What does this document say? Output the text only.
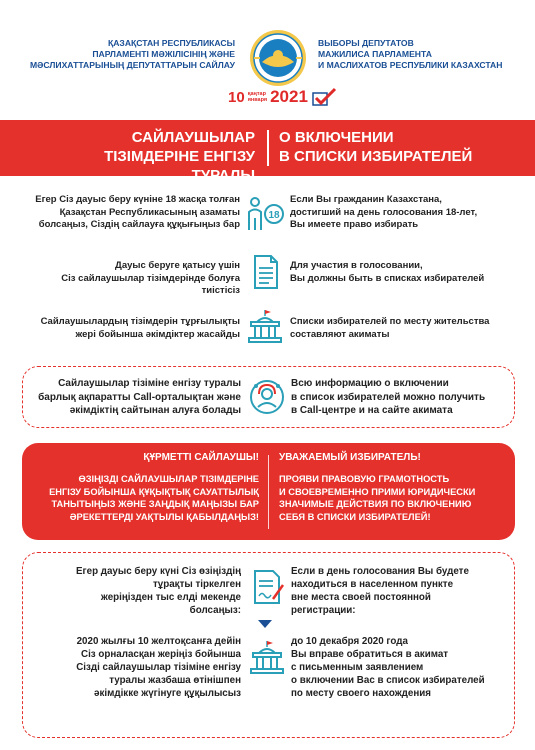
ҚАЗАҚСТАН РЕСПУБЛИКАСЫ
ПАРЛАМЕНТІ МӘЖІЛІСІНІҢ ЖӘНЕ
МӘСЛИХАТТАРЫНЫҢ ДЕПУТАТТАРЫН САЙЛАУ
ВЫБОРЫ ДЕПУТАТОВ
МАЖИЛИСА ПАРЛАМЕНТА
И МАСЛИХАТОВ РЕСПУБЛИКИ КАЗАХСТАН
10 қаңтар
января 2021
САЙЛАУШЫЛАР
ТІЗІМДЕРІНЕ ЕНГІЗУ ТУРАЛЫ
О ВКЛЮЧЕНИИ
В СПИСКИ ИЗБИРАТЕЛЕЙ
Егер Сіз дауыс беру күніне 18 жасқа толған
Қазақстан Республикасының азаматы
болсаңыз, Сіздің сайлауға құқығыңыз бар
18
Если Вы гражданин Казахстана,
достигший на день голосования 18-лет,
Вы имеете право избирать
Дауыс беруге қатысу үшін
Сіз сайлаушылар тізімдерінде болуға тиістісіз
Для участия в голосовании,
Вы должны быть в списках избирателей
Сайлаушылардың тізімдерін тұрғылықты
жері бойынша әкімдіктер жасайды
Списки избирателей по месту жительства
составляют акиматы
Сайлаушылар тізіміне енгізу туралы
барлық ақпаратты Call-орталықтан және
әкімдіктің сайтынан алуға болады
Всю информацию о включении
в список избирателей можно получить
в Call-центре и на сайте акимата
ҚҰРМЕТТІ САЙЛАУШЫ! УВАЖАЕМЫЙ ИЗБИРАТЕЛЬ!
ӨЗІҢІЗДІ САЙЛАУШЫЛАР ТІЗІМДЕРІНЕ
ЕНГІЗУ БОЙЫНША ҚҰҚЫҚТЫҚ САУАТТЫЛЫҚ
ТАНЫТЫҢЫЗ ЖӘНЕ ЗАҢДЫҚ МАҢЫЗЫ БАР
ӘРЕКЕТТЕРДІ УАҚТЫЛЫ ҚАБЫЛДАҢЫЗ!
ПРОЯВИ ПРАВОВУЮ ГРАМОТНОСТЬ
И СВОЕВРЕМЕННО ПРИМИ ЮРИДИЧЕСКИ
ЗНАЧИМЫЕ ДЕЙСТВИЯ ПО ВКЛЮЧЕНИЮ
СЕБЯ В СПИСКИ ИЗБИРАТЕЛЕЙ!
Егер дауыс беру күні Сіз өзіңіздің
тұрақты тіркелген
жеріңізден тыс елді мекенде
болсаңыз:
Если в день голосования Вы будете
находиться в населенном пункте
вне места своей постоянной
регистрации:
2020 жылғы 10 желтоқсанға дейін
Сіз орналасқан жеріңіз бойынша
Сізді сайлаушылар тізіміне енгізу
туралы жазбаша өтінішпен
әкімдікке жүгінуге құқылысыз
до 10 декабря 2020 года
Вы вправе обратиться в акимат
с письменным заявлением
о включении Вас в список избирателей
по месту своего нахождения
